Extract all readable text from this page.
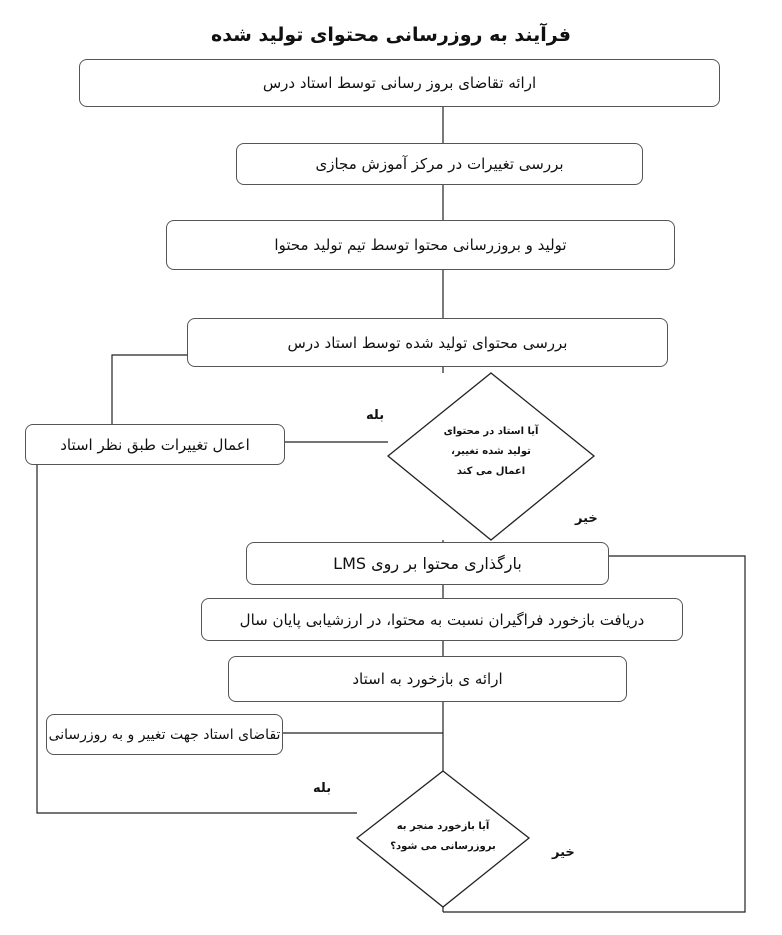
فرآیند به روزرسانی محتوای تولید شده
ارائه تقاضای بروز رسانی توسط استاد درس
بررسی تغییرات در مرکز آموزش مجازی
تولید و بروزرسانی محتوا توسط تیم تولید محتوا
بررسی محتوای تولید شده توسط استاد درس
اعمال تغییرات طبق نظر استاد
آیا استاد در محتوای
تولید شده تغییر،
اعمال می کند
بله
خیر
بارگذاری محتوا بر روی LMS
دریافت بازخورد فراگیران نسبت به محتوا، در ارزشیابی پایان سال
ارائه ی بازخورد به استاد
تقاضای استاد جهت تغییر و به روزرسانی
آیا بازخورد منجر به
بروزرسانی می شود؟
بله
خیر
